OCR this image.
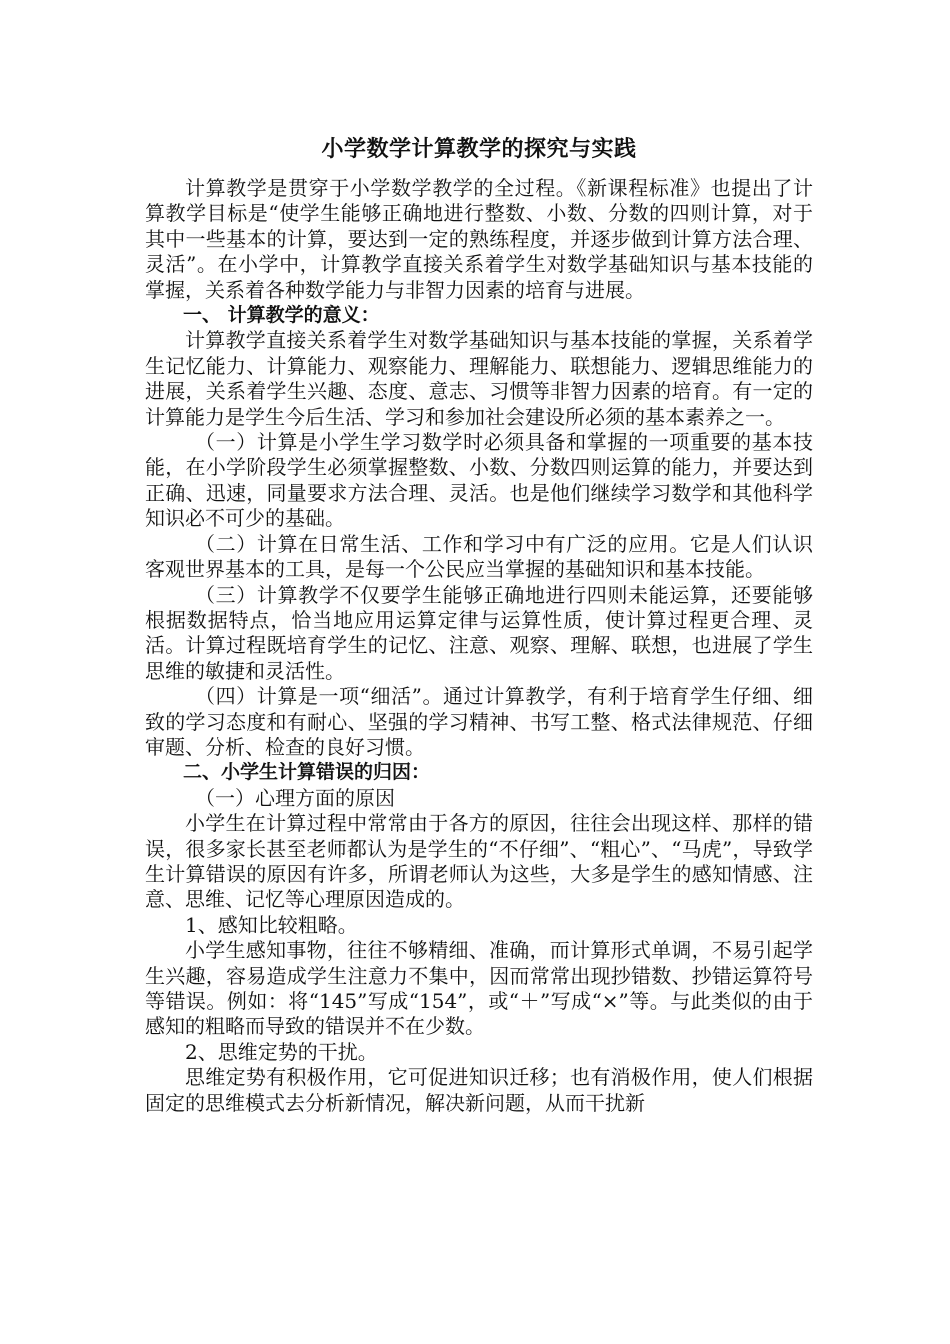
小学数学计算教学的探究与实践

计算教学是贯穿于小学数学教学的全过程。《新课程标准》也提出了计算教学目标是“使学生能够正确地进行整数、小数、分数的四则计算，对于其中一些基本的计算，要达到一定的熟练程度，并逐步做到计算方法合理、灵活”。在小学中，计算教学直接关系着学生对数学基础知识与基本技能的掌握，关系着各种数学能力与非智力因素的培育与进展。

一、 计算教学的意义：

计算教学直接关系着学生对数学基础知识与基本技能的掌握，关系着学生记忆能力、计算能力、观察能力、理解能力、联想能力、逻辑思维能力的进展，关系着学生兴趣、态度、意志、习惯等非智力因素的培育。有一定的计算能力是学生今后生活、学习和参加社会建设所必须的基本素养之一。

（一）计算是小学生学习数学时必须具备和掌握的一项重要的基本技能，在小学阶段学生必须掌握整数、小数、分数四则运算的能力，并要达到正确、迅速，同量要求方法合理、灵活。也是他们继续学习数学和其他科学知识必不可少的基础。

（二）计算在日常生活、工作和学习中有广泛的应用。它是人们认识客观世界基本的工具，是每一个公民应当掌握的基础知识和基本技能。

（三）计算教学不仅要学生能够正确地进行四则未能运算，还要能够根据数据特点，恰当地应用运算定律与运算性质，使计算过程更合理、灵活。计算过程既培育学生的记忆、注意、观察、理解、联想，也进展了学生思维的敏捷和灵活性。

（四）计算是一项“细活”。通过计算教学，有利于培育学生仔细、细致的学习态度和有耐心、坚强的学习精神、书写工整、格式法律规范、仔细审题、分析、检查的良好习惯。

二、小学生计算错误的归因：

（一）心理方面的原因

小学生在计算过程中常常由于各方的原因，往往会出现这样、那样的错误，很多家长甚至老师都认为是学生的“不仔细”、“粗心”、“马虎”，导致学生计算错误的原因有许多，所谓老师认为这些，大多是学生的感知情感、注意、思维、记忆等心理原因造成的。

1、感知比较粗略。

小学生感知事物，往往不够精细、准确，而计算形式单调，不易引起学生兴趣，容易造成学生注意力不集中，因而常常出现抄错数、抄错运算符号等错误。例如：将“145”写成“154”，或“＋”写成“×”等。与此类似的由于感知的粗略而导致的错误并不在少数。

2、思维定势的干扰。

思维定势有积极作用，它可促进知识迁移；也有消极作用，使人们根据固定的思维模式去分析新情况，解决新问题，从而干扰新
